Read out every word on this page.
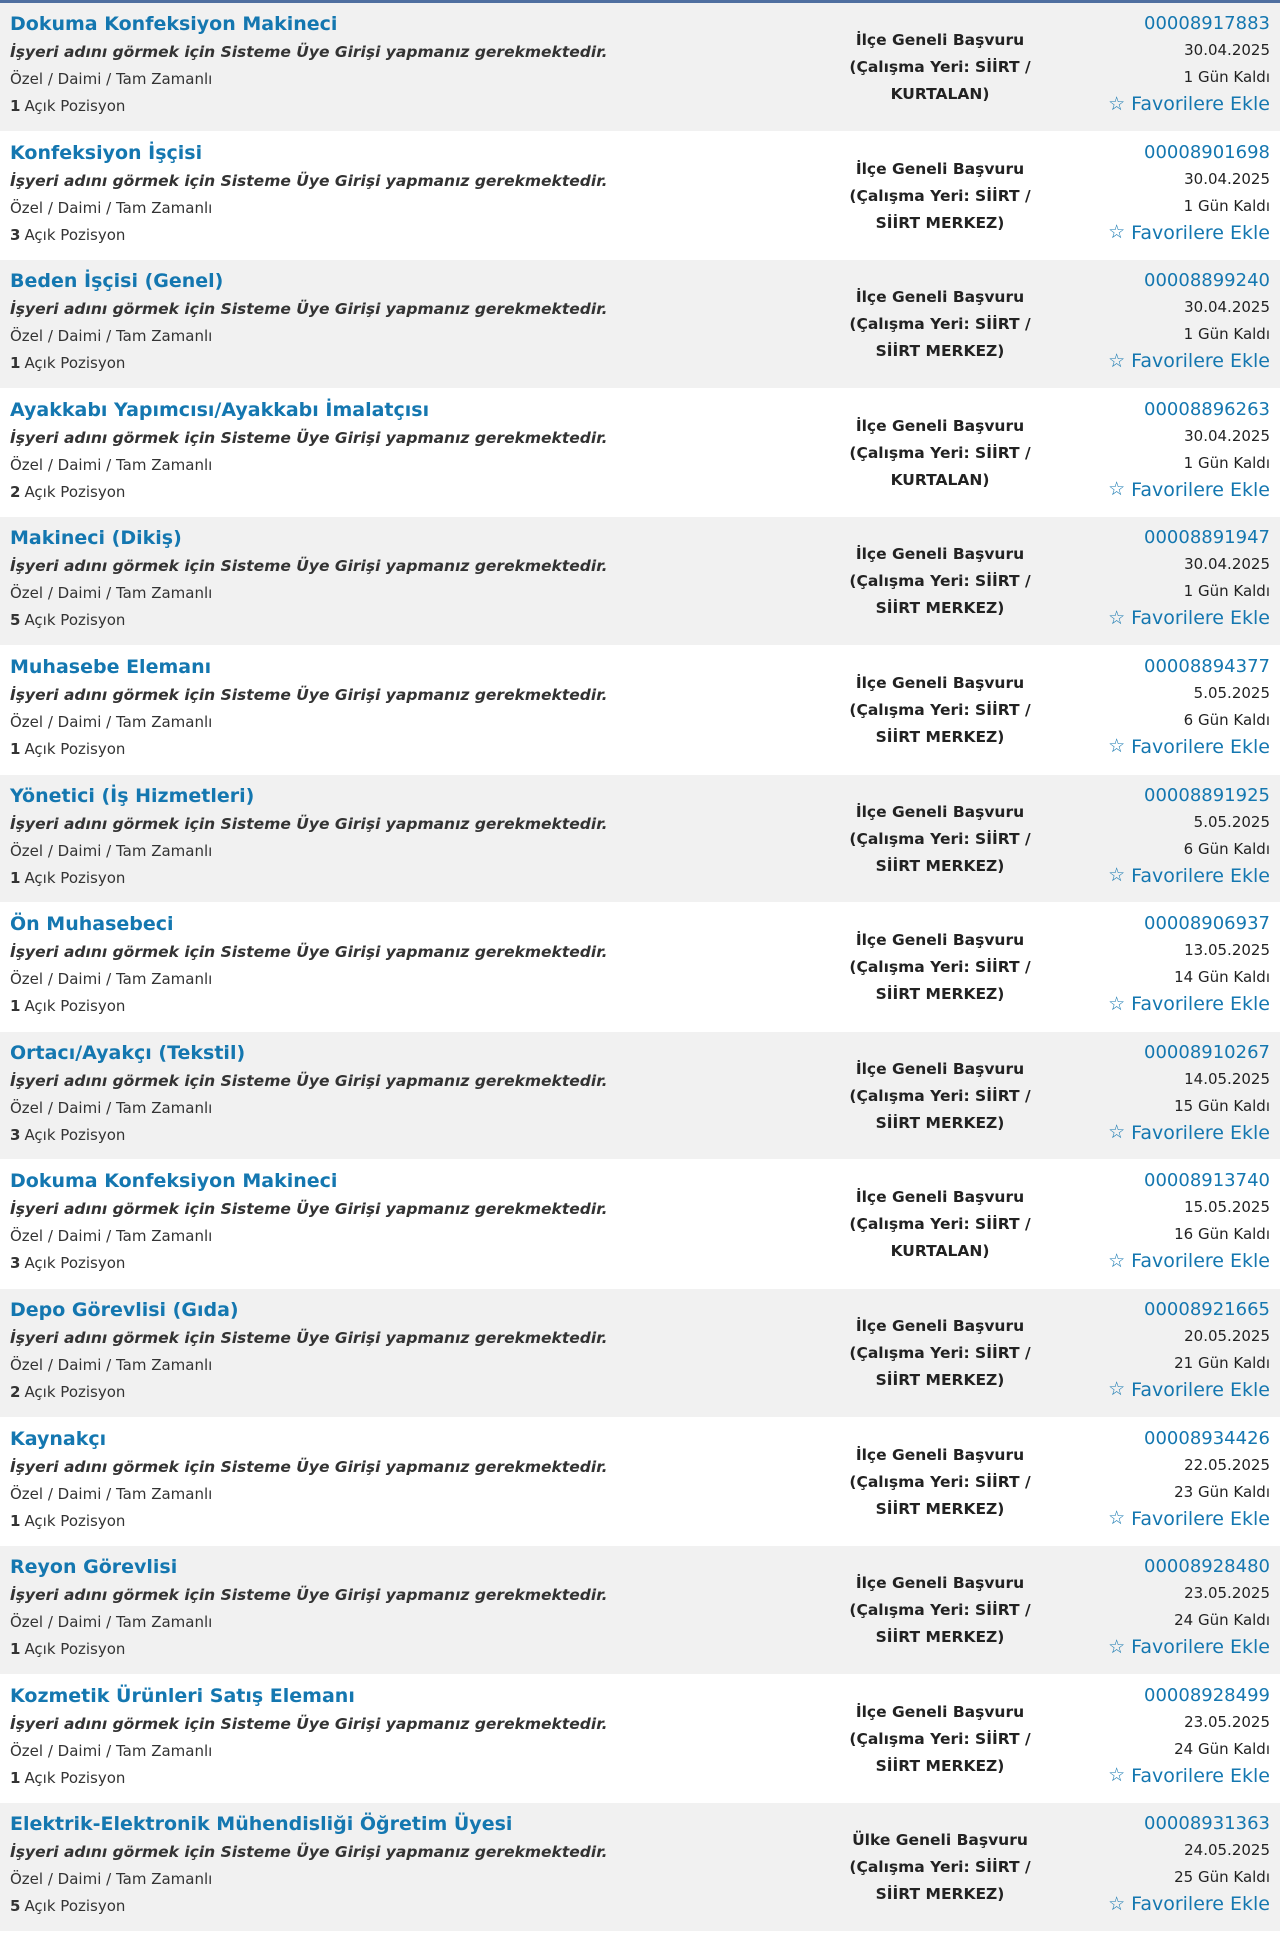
Dokuma Konfeksiyon Makineci
İşyeri adını görmek için Sisteme Üye Girişi yapmanız gerekmektedir.
Özel / Daimi / Tam Zamanlı
1 Açık Pozisyon
İlçe Geneli Başvuru
(Çalışma Yeri: SİİRT /
KURTALAN)
00008917883
30.04.2025
1 Gün Kaldı
☆ Favorilere Ekle
Konfeksiyon İşçisi
İşyeri adını görmek için Sisteme Üye Girişi yapmanız gerekmektedir.
Özel / Daimi / Tam Zamanlı
3 Açık Pozisyon
İlçe Geneli Başvuru
(Çalışma Yeri: SİİRT /
SİİRT MERKEZ)
00008901698
30.04.2025
1 Gün Kaldı
☆ Favorilere Ekle
Beden İşçisi (Genel)
İşyeri adını görmek için Sisteme Üye Girişi yapmanız gerekmektedir.
Özel / Daimi / Tam Zamanlı
1 Açık Pozisyon
İlçe Geneli Başvuru
(Çalışma Yeri: SİİRT /
SİİRT MERKEZ)
00008899240
30.04.2025
1 Gün Kaldı
☆ Favorilere Ekle
Ayakkabı Yapımcısı/Ayakkabı İmalatçısı
İşyeri adını görmek için Sisteme Üye Girişi yapmanız gerekmektedir.
Özel / Daimi / Tam Zamanlı
2 Açık Pozisyon
İlçe Geneli Başvuru
(Çalışma Yeri: SİİRT /
KURTALAN)
00008896263
30.04.2025
1 Gün Kaldı
☆ Favorilere Ekle
Makineci (Dikiş)
İşyeri adını görmek için Sisteme Üye Girişi yapmanız gerekmektedir.
Özel / Daimi / Tam Zamanlı
5 Açık Pozisyon
İlçe Geneli Başvuru
(Çalışma Yeri: SİİRT /
SİİRT MERKEZ)
00008891947
30.04.2025
1 Gün Kaldı
☆ Favorilere Ekle
Muhasebe Elemanı
İşyeri adını görmek için Sisteme Üye Girişi yapmanız gerekmektedir.
Özel / Daimi / Tam Zamanlı
1 Açık Pozisyon
İlçe Geneli Başvuru
(Çalışma Yeri: SİİRT /
SİİRT MERKEZ)
00008894377
5.05.2025
6 Gün Kaldı
☆ Favorilere Ekle
Yönetici (İş Hizmetleri)
İşyeri adını görmek için Sisteme Üye Girişi yapmanız gerekmektedir.
Özel / Daimi / Tam Zamanlı
1 Açık Pozisyon
İlçe Geneli Başvuru
(Çalışma Yeri: SİİRT /
SİİRT MERKEZ)
00008891925
5.05.2025
6 Gün Kaldı
☆ Favorilere Ekle
Ön Muhasebeci
İşyeri adını görmek için Sisteme Üye Girişi yapmanız gerekmektedir.
Özel / Daimi / Tam Zamanlı
1 Açık Pozisyon
İlçe Geneli Başvuru
(Çalışma Yeri: SİİRT /
SİİRT MERKEZ)
00008906937
13.05.2025
14 Gün Kaldı
☆ Favorilere Ekle
Ortacı/Ayakçı (Tekstil)
İşyeri adını görmek için Sisteme Üye Girişi yapmanız gerekmektedir.
Özel / Daimi / Tam Zamanlı
3 Açık Pozisyon
İlçe Geneli Başvuru
(Çalışma Yeri: SİİRT /
SİİRT MERKEZ)
00008910267
14.05.2025
15 Gün Kaldı
☆ Favorilere Ekle
Dokuma Konfeksiyon Makineci
İşyeri adını görmek için Sisteme Üye Girişi yapmanız gerekmektedir.
Özel / Daimi / Tam Zamanlı
3 Açık Pozisyon
İlçe Geneli Başvuru
(Çalışma Yeri: SİİRT /
KURTALAN)
00008913740
15.05.2025
16 Gün Kaldı
☆ Favorilere Ekle
Depo Görevlisi (Gıda)
İşyeri adını görmek için Sisteme Üye Girişi yapmanız gerekmektedir.
Özel / Daimi / Tam Zamanlı
2 Açık Pozisyon
İlçe Geneli Başvuru
(Çalışma Yeri: SİİRT /
SİİRT MERKEZ)
00008921665
20.05.2025
21 Gün Kaldı
☆ Favorilere Ekle
Kaynakçı
İşyeri adını görmek için Sisteme Üye Girişi yapmanız gerekmektedir.
Özel / Daimi / Tam Zamanlı
1 Açık Pozisyon
İlçe Geneli Başvuru
(Çalışma Yeri: SİİRT /
SİİRT MERKEZ)
00008934426
22.05.2025
23 Gün Kaldı
☆ Favorilere Ekle
Reyon Görevlisi
İşyeri adını görmek için Sisteme Üye Girişi yapmanız gerekmektedir.
Özel / Daimi / Tam Zamanlı
1 Açık Pozisyon
İlçe Geneli Başvuru
(Çalışma Yeri: SİİRT /
SİİRT MERKEZ)
00008928480
23.05.2025
24 Gün Kaldı
☆ Favorilere Ekle
Kozmetik Ürünleri Satış Elemanı
İşyeri adını görmek için Sisteme Üye Girişi yapmanız gerekmektedir.
Özel / Daimi / Tam Zamanlı
1 Açık Pozisyon
İlçe Geneli Başvuru
(Çalışma Yeri: SİİRT /
SİİRT MERKEZ)
00008928499
23.05.2025
24 Gün Kaldı
☆ Favorilere Ekle
Elektrik-Elektronik Mühendisliği Öğretim Üyesi
İşyeri adını görmek için Sisteme Üye Girişi yapmanız gerekmektedir.
Özel / Daimi / Tam Zamanlı
5 Açık Pozisyon
Ülke Geneli Başvuru
(Çalışma Yeri: SİİRT /
SİİRT MERKEZ)
00008931363
24.05.2025
25 Gün Kaldı
☆ Favorilere Ekle
